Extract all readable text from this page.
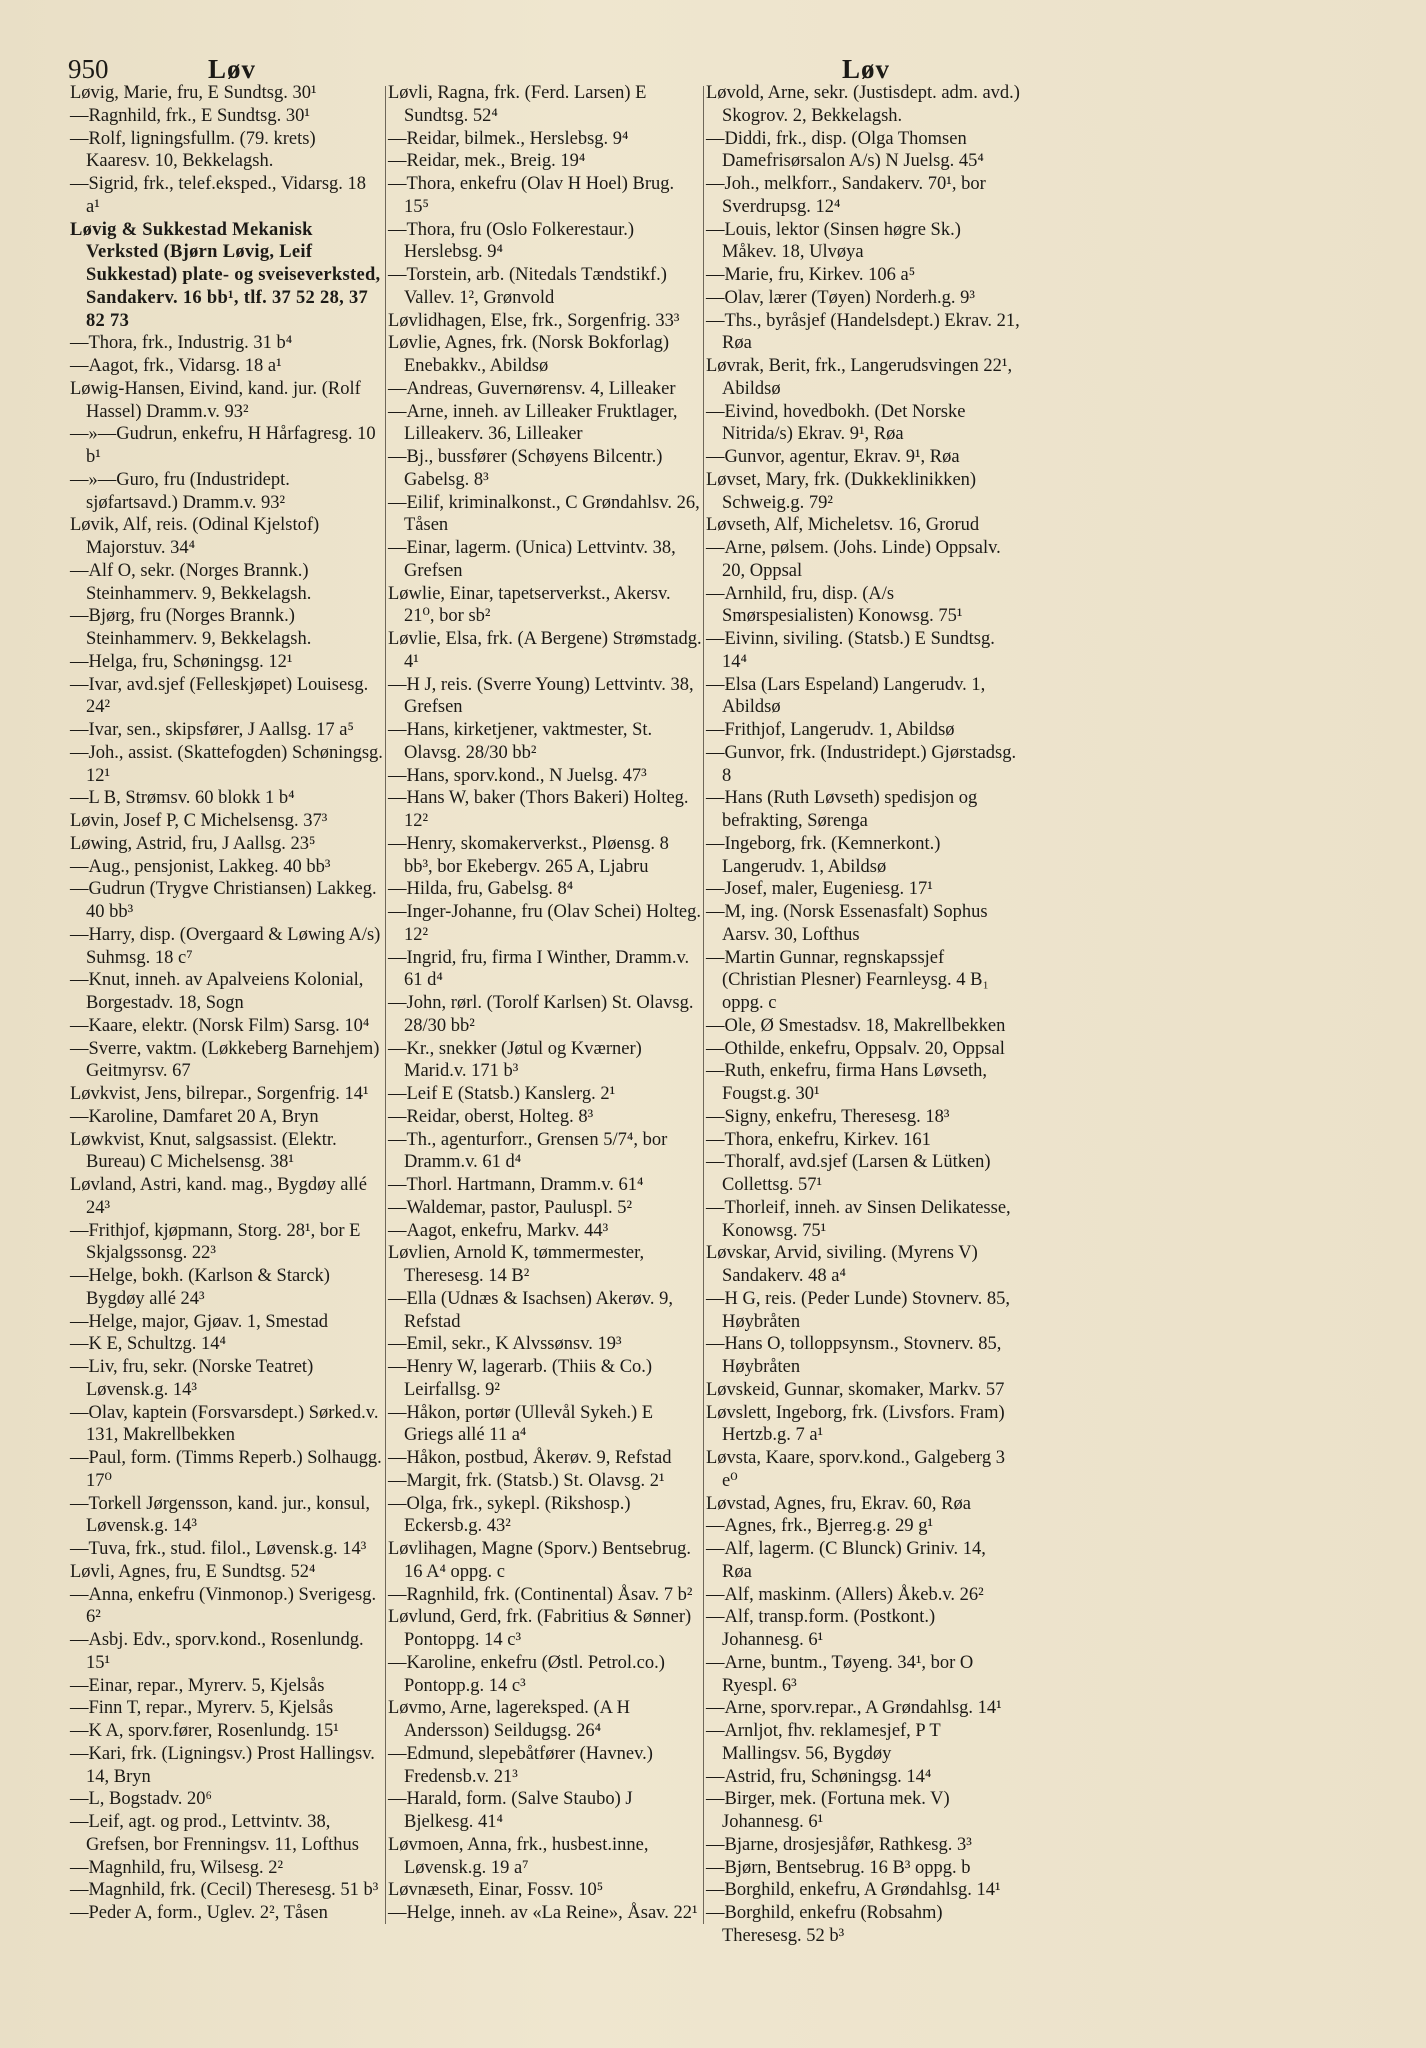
950	Løv	Løv
Løvig, Marie, fru, E Sundtsg. 30¹
—Ragnhild, frk., E Sundtsg. 30¹
—Rolf, ligningsfullm. (79. krets) Kaaresv. 10, Bekkelagsh.
—Sigrid, frk., telef.eksped., Vidarsg. 18 a¹
Løvig & Sukkestad Mekanisk Verksted (Bjørn Løvig, Leif Sukkestad) plate- og sveiseverksted, Sandakerv. 16 bb¹, tlf. 37 52 28, 37 82 73
—Thora, frk., Industrig. 31 b⁴
—Aagot, frk., Vidarsg. 18 a¹
Løwig-Hansen, Eivind, kand. jur. (Rolf Hassel) Dramm.v. 93²
—»—Gudrun, enkefru, H Hårfagresg. 10 b¹
—»—Guro, fru (Industridept. sjøfartsavd.) Dramm.v. 93²
Løvik, Alf, reis. (Odinal Kjelstof) Majorstuv. 34⁴
—Alf O, sekr. (Norges Brannk.) Steinhammerv. 9, Bekkelagsh.
—Bjørg, fru (Norges Brannk.) Steinhammerv. 9, Bekkelagsh.
—Helga, fru, Schøningsg. 12¹
—Ivar, avd.sjef (Felleskjøpet) Louisesg. 24²
—Ivar, sen., skipsfører, J Aallsg. 17 a⁵
—Joh., assist. (Skattefogden) Schøningsg. 12¹
—L B, Strømsv. 60 blokk 1 b⁴
Løvin, Josef P, C Michelsensg. 37³
Løwing, Astrid, fru, J Aallsg. 23⁵
—Aug., pensjonist, Lakkeg. 40 bb³
—Gudrun (Trygve Christiansen) Lakkeg. 40 bb³
—Harry, disp. (Overgaard & Løwing A/s) Suhmsg. 18 c⁷
—Knut, inneh. av Apalveiens Kolonial, Borgestadv. 18, Sogn
—Kaare, elektr. (Norsk Film) Sarsg. 10⁴
—Sverre, vaktm. (Løkkeberg Barnehjem) Geitmyrsv. 67
Løvkvist, Jens, bilrepar., Sorgenfrig. 14¹
—Karoline, Damfaret 20 A, Bryn
Løwkvist, Knut, salgsassist. (Elektr. Bureau) C Michelsensg. 38¹
Løvland, Astri, kand. mag., Bygdøy allé 24³
—Frithjof, kjøpmann, Storg. 28¹, bor E Skjalgssonsg. 22³
—Helge, bokh. (Karlson & Starck) Bygdøy allé 24³
—Helge, major, Gjøav. 1, Smestad
—K E, Schultzg. 14⁴
—Liv, fru, sekr. (Norske Teatret) Løvensk.g. 14³
—Olav, kaptein (Forsvarsdept.) Sørked.v. 131, Makrellbekken
—Paul, form. (Timms Reperb.) Solhaugg. 17⁰
—Torkell Jørgensson, kand. jur., konsul, Løvensk.g. 14³
—Tuva, frk., stud. filol., Løvensk.g. 14³
Løvli, Agnes, fru, E Sundtsg. 52⁴
—Anna, enkefru (Vinmonop.) Sverigesg. 6²
—Asbj. Edv., sporv.kond., Rosenlundg. 15¹
—Einar, repar., Myrerv. 5, Kjelsås
—Finn T, repar., Myrerv. 5, Kjelsås
—K A, sporv.fører, Rosenlundg. 15¹
—Kari, frk. (Ligningsv.) Prost Hallingsv. 14, Bryn
—L, Bogstadv. 20⁶
—Leif, agt. og prod., Lettvintv. 38, Grefsen, bor Frenningsv. 11, Lofthus
—Magnhild, fru, Wilsesg. 2²
—Magnhild, frk. (Cecil) Theresesg. 51 b³
—Peder A, form., Uglev. 2², Tåsen
Løvli, Ragna, frk. (Ferd. Larsen) E Sundtsg. 52⁴
—Reidar, bilmek., Herslebsg. 9⁴
—Reidar, mek., Breig. 19⁴
—Thora, enkefru (Olav H Hoel) Brug. 15⁵
—Thora, fru (Oslo Folkerestaur.) Herslebsg. 9⁴
—Torstein, arb. (Nitedals Tændstikf.) Vallev. 1², Grønvold
Løvlidhagen, Else, frk., Sorgenfrig. 33³
Løvlie, Agnes, frk. (Norsk Bokforlag) Enebakkv., Abildsø
—Andreas, Guvernørensv. 4, Lilleaker
—Arne, inneh. av Lilleaker Fruktlager, Lilleakerv. 36, Lilleaker
—Bj., bussfører (Schøyens Bilcentr.) Gabelsg. 8³
—Eilif, kriminalkonst., C Grøndahlsv. 26, Tåsen
—Einar, lagerm. (Unica) Lettvintv. 38, Grefsen
Løwlie, Einar, tapetserverkst., Akersv. 21⁰, bor sb²
Løvlie, Elsa, frk. (A Bergene) Strømstadg. 4¹
—H J, reis. (Sverre Young) Lettvintv. 38, Grefsen
—Hans, kirketjener, vaktmester, St. Olavsg. 28/30 bb²
—Hans, sporv.kond., N Juelsg. 47³
—Hans W, baker (Thors Bakeri) Holteg. 12²
—Henry, skomakerverkst., Pløensg. 8 bb³, bor Ekebergv. 265 A, Ljabru
—Hilda, fru, Gabelsg. 8⁴
—Inger-Johanne, fru (Olav Schei) Holteg. 12²
—Ingrid, fru, firma I Winther, Dramm.v. 61 d⁴
—John, rørl. (Torolf Karlsen) St. Olavsg. 28/30 bb²
—Kr., snekker (Jøtul og Kværner) Marid.v. 171 b³
—Leif E (Statsb.) Kanslerg. 2¹
—Reidar, oberst, Holteg. 8³
—Th., agenturforr., Grensen 5/7⁴, bor Dramm.v. 61 d⁴
—Thorl. Hartmann, Dramm.v. 61⁴
—Waldemar, pastor, Pauluspl. 5²
—Aagot, enkefru, Markv. 44³
Løvlien, Arnold K, tømmermester, Theresesg. 14 B²
—Ella (Udnæs & Isachsen) Akerøv. 9, Refstad
—Emil, sekr., K Alvssønsv. 19³
—Henry W, lagerarb. (Thiis & Co.) Leirfallsg. 9²
—Håkon, portør (Ullevål Sykeh.) E Griegs allé 11 a⁴
—Håkon, postbud, Åkerøv. 9, Refstad
—Margit, frk. (Statsb.) St. Olavsg. 2¹
—Olga, frk., sykepl. (Rikshosp.) Eckersb.g. 43²
Løvlihagen, Magne (Sporv.) Bentsebrug. 16 A⁴ oppg. c
—Ragnhild, frk. (Continental) Åsav. 7 b²
Løvlund, Gerd, frk. (Fabritius & Sønner) Pontoppg. 14 c³
—Karoline, enkefru (Østl. Petrol.co.) Pontopp.g. 14 c³
Løvmo, Arne, lagereksped. (A H Andersson) Seildugsg. 26⁴
—Edmund, slepebåtfører (Havnev.) Fredensb.v. 21³
—Harald, form. (Salve Staubo) J Bjelkesg. 41⁴
Løvmoen, Anna, frk., husbest.inne, Løvensk.g. 19 a⁷
Løvnæseth, Einar, Fossv. 10⁵
—Helge, inneh. av «La Reine», Åsav. 22¹
Løvold, Arne, sekr. (Justisdept. adm. avd.) Skogrov. 2, Bekkelagsh.
—Diddi, frk., disp. (Olga Thomsen Damefrisørsalon A/s) N Juelsg. 45⁴
—Joh., melkforr., Sandakerv. 70¹, bor Sverdrupsg. 12⁴
—Louis, lektor (Sinsen høgre Sk.) Måkev. 18, Ulvøya
—Marie, fru, Kirkev. 106 a⁵
—Olav, lærer (Tøyen) Norderh.g. 9³
—Ths., byråsjef (Handelsdept.) Ekrav. 21, Røa
Løvrak, Berit, frk., Langerudsvingen 22¹, Abildsø
—Eivind, hovedbokh. (Det Norske Nitrida/s) Ekrav. 9¹, Røa
—Gunvor, agentur, Ekrav. 9¹, Røa
Løvset, Mary, frk. (Dukkeklinikken) Schweig.g. 79²
Løvseth, Alf, Micheletsv. 16, Grorud
—Arne, pølsem. (Johs. Linde) Oppsalv. 20, Oppsal
—Arnhild, fru, disp. (A/s Smørspesialisten) Konowsg. 75¹
—Eivinn, siviling. (Statsb.) E Sundtsg. 14⁴
—Elsa (Lars Espeland) Langerudv. 1, Abildsø
—Frithjof, Langerudv. 1, Abildsø
—Gunvor, frk. (Industridept.) Gjørstadsg. 8
—Hans (Ruth Løvseth) spedisjon og befrakting, Sørenga
—Ingeborg, frk. (Kemnerkont.) Langerudv. 1, Abildsø
—Josef, maler, Eugeniesg. 17¹
—M, ing. (Norsk Essenasfalt) Sophus Aarsv. 30, Lofthus
—Martin Gunnar, regnskapssjef (Christian Plesner) Fearnleysg. 4 B₁ oppg. c
—Ole, Ø Smestadsv. 18, Makrellbekken
—Othilde, enkefru, Oppsalv. 20, Oppsal
—Ruth, enkefru, firma Hans Løvseth, Fougst.g. 30¹
—Signy, enkefru, Theresesg. 18³
—Thora, enkefru, Kirkev. 161
—Thoralf, avd.sjef (Larsen & Lütken) Collettsg. 57¹
—Thorleif, inneh. av Sinsen Delikatesse, Konowsg. 75¹
Løvskar, Arvid, siviling. (Myrens V) Sandakerv. 48 a⁴
—H G, reis. (Peder Lunde) Stovnerv. 85, Høybråten
—Hans O, tolloppsynsm., Stovnerv. 85, Høybråten
Løvskeid, Gunnar, skomaker, Markv. 57
Løvslett, Ingeborg, frk. (Livsfors. Fram) Hertzb.g. 7 a¹
Løvsta, Kaare, sporv.kond., Galgeberg 3 e⁰
Løvstad, Agnes, fru, Ekrav. 60, Røa
—Agnes, frk., Bjerreg.g. 29 g¹
—Alf, lagerm. (C Blunck) Griniv. 14, Røa
—Alf, maskinm. (Allers) Åkeb.v. 26²
—Alf, transp.form. (Postkont.) Johannesg. 6¹
—Arne, buntm., Tøyeng. 34¹, bor O Ryespl. 6³
—Arne, sporv.repar., A Grøndahlsg. 14¹
—Arnljot, fhv. reklamesjef, P T Mallingsv. 56, Bygdøy
—Astrid, fru, Schøningsg. 14⁴
—Birger, mek. (Fortuna mek. V) Johannesg. 6¹
—Bjarne, drosjesjåfør, Rathkesg. 3³
—Bjørn, Bentsebrug. 16 B³ oppg. b
—Borghild, enkefru, A Grøndahlsg. 14¹
—Borghild, enkefru (Robsahm) Theresesg. 52 b³
